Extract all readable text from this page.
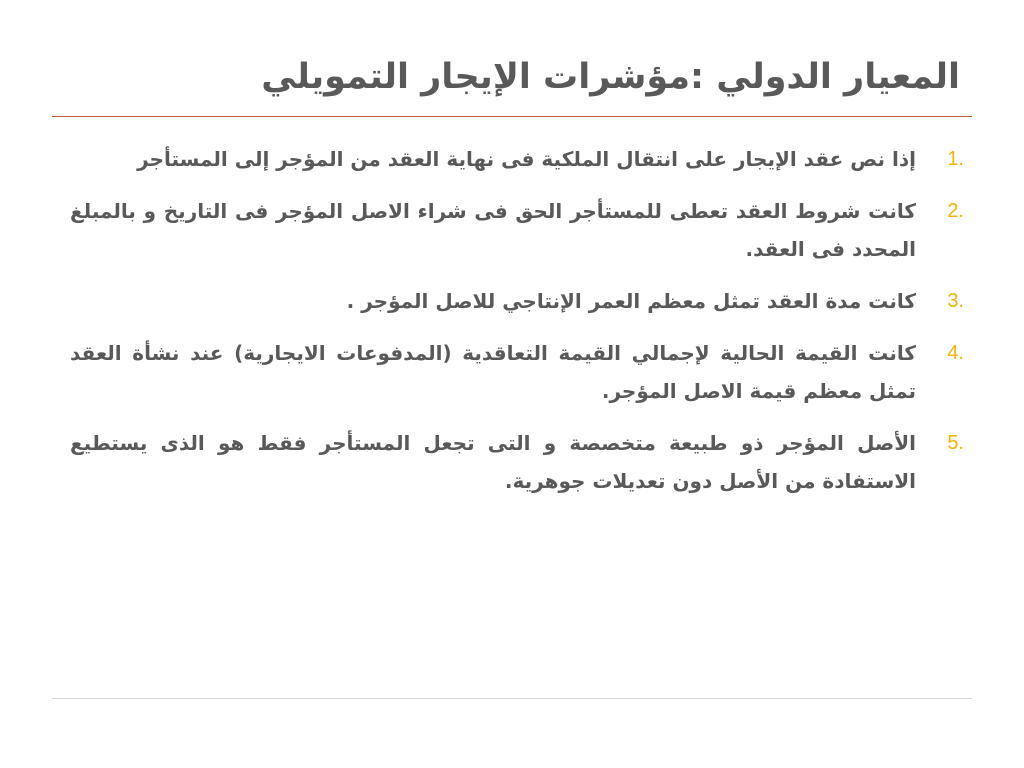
المعيار الدولي :مؤشرات الإيجار التمويلي
1.
إذا نص عقد الإيجار على انتقال الملكية فى نهاية العقد من المؤجر إلى المستأجر
2.
كانت شروط العقد تعطى للمستأجر الحق فى شراء الاصل المؤجر فى التاريخ و بالمبلغ المحدد فى العقد.
3.
كانت مدة العقد تمثل معظم العمر الإنتاجي للاصل المؤجر .
4.
كانت القيمة الحالية لإجمالي القيمة التعاقدية (المدفوعات الايجارية) عند نشأة العقد تمثل معظم قيمة الاصل المؤجر.
5.
الأصل المؤجر ذو طبيعة متخصصة و التى تجعل المستأجر فقط هو الذى يستطيع الاستفادة من الأصل دون تعديلات جوهرية.
